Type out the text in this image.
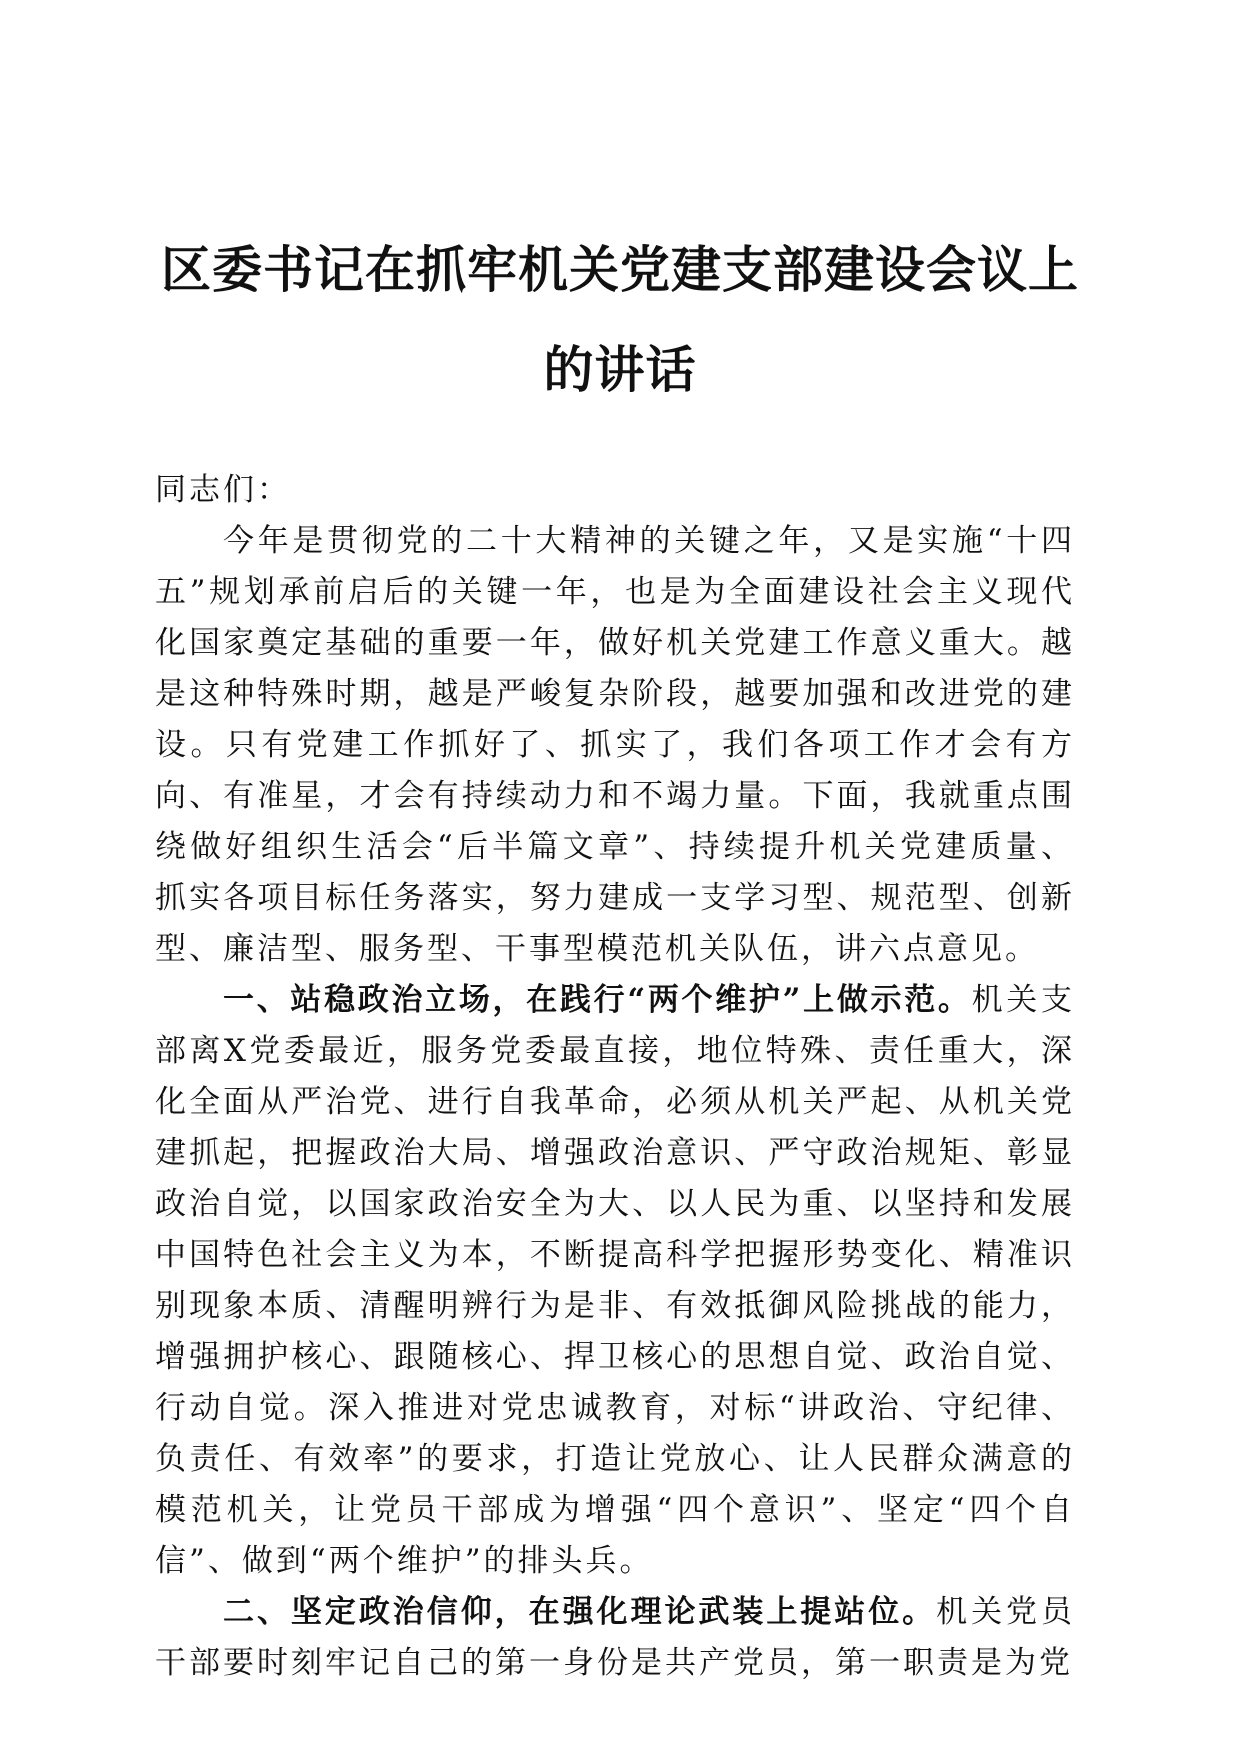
区委书记在抓牢机关党建支部建设会议上的讲话

同志们：

今年是贯彻党的二十大精神的关键之年，又是实施“十四五”规划承前启后的关键一年，也是为全面建设社会主义现代化国家奠定基础的重要一年，做好机关党建工作意义重大。越是这种特殊时期，越是严峻复杂阶段，越要加强和改进党的建设。只有党建工作抓好了、抓实了，我们各项工作才会有方向、有准星，才会有持续动力和不竭力量。下面，我就重点围绕做好组织生活会“后半篇文章”、持续提升机关党建质量、抓实各项目标任务落实，努力建成一支学习型、规范型、创新型、廉洁型、服务型、干事型模范机关队伍，讲六点意见。

一、站稳政治立场，在践行“两个维护”上做示范。机关支部离X党委最近，服务党委最直接，地位特殊、责任重大，深化全面从严治党、进行自我革命，必须从机关严起、从机关党建抓起，把握政治大局、增强政治意识、严守政治规矩、彰显政治自觉，以国家政治安全为大、以人民为重、以坚持和发展中国特色社会主义为本，不断提高科学把握形势变化、精准识别现象本质、清醒明辨行为是非、有效抵御风险挑战的能力，增强拥护核心、跟随核心、捍卫核心的思想自觉、政治自觉、行动自觉。深入推进对党忠诚教育，对标“讲政治、守纪律、负责任、有效率”的要求，打造让党放心、让人民群众满意的模范机关，让党员干部成为增强“四个意识”、坚定“四个自信”、做到“两个维护”的排头兵。

二、坚定政治信仰，在强化理论武装上提站位。机关党员干部要时刻牢记自己的第一身份是共产党员，第一职责是为党
